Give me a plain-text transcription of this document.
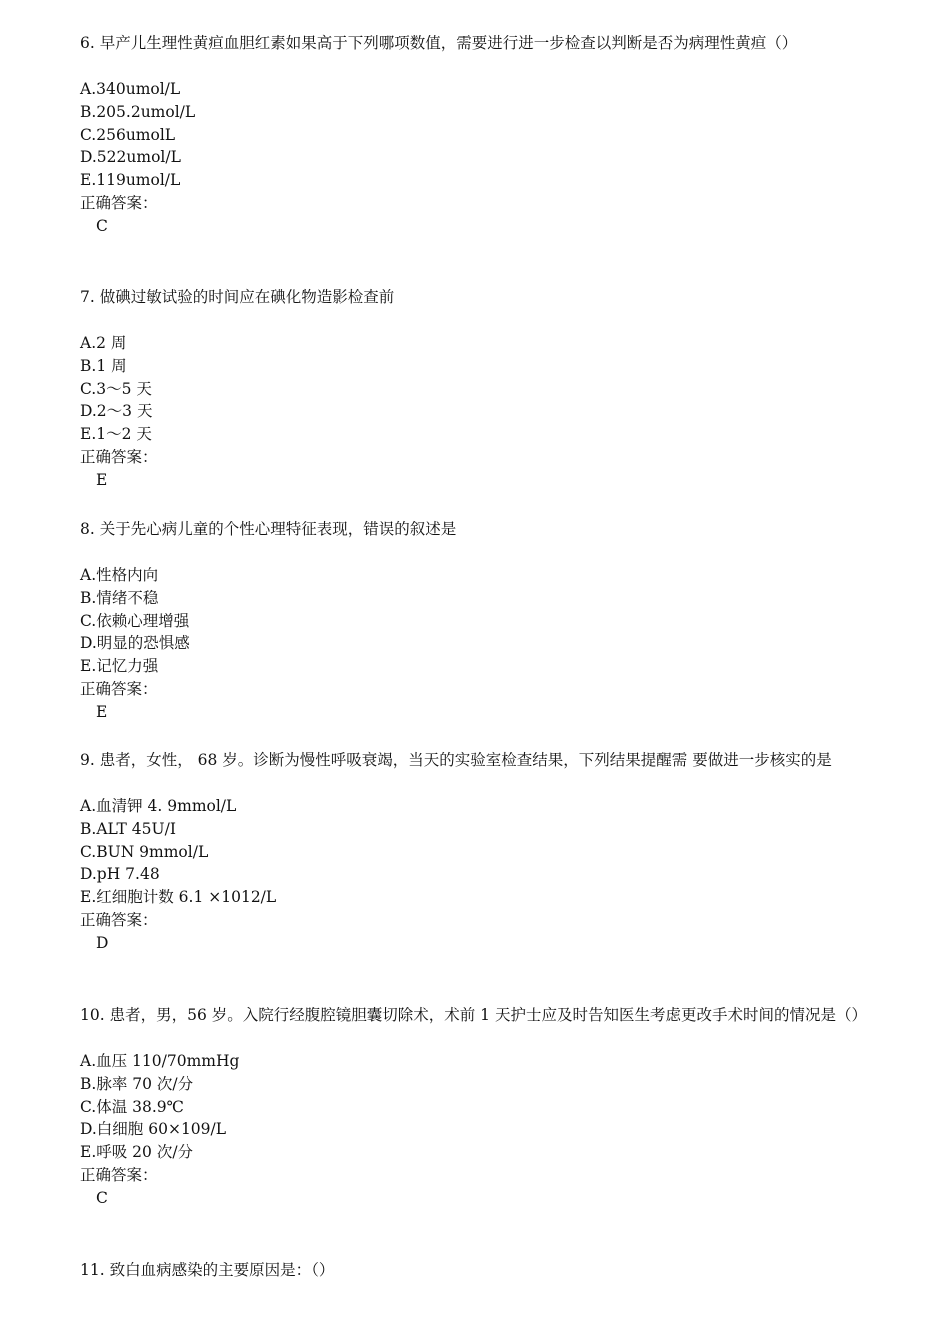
6. 早产儿生理性黄疸血胆红素如果高于下列哪项数值，需要进行进一步检查以判断是否为病理性黄疸（）

A.340umol/L
B.205.2umol/L
C.256umolL
D.522umol/L
E.119umol/L

正确答案：

C

7. 做碘过敏试验的时间应在碘化物造影检查前

A.2 周
B.1 周
C.3～5 天
D.2～3 天
E.1～2 天

正确答案：

E

8. 关于先心病儿童的个性心理特征表现，错误的叙述是

A.性格内向
B.情绪不稳
C.依赖心理增强
D.明显的恐惧感
E.记忆力强

正确答案：

E

9. 患者，女性， 68 岁。诊断为慢性呼吸衰竭，当天的实验室检查结果，下列结果提醒需 要做进一步核实的是

A.血清钾 4. 9mmol/L
B.ALT 45U/I
C.BUN 9mmol/L
D.pH 7.48
E.红细胞计数 6.1 ×1012/L

正确答案：

D

10. 患者，男，56 岁。入院行经腹腔镜胆囊切除术，术前 1 天护士应及时告知医生考虑更改手术时间的情况是（）

A.血压 110/70mmHg
B.脉率 70 次/分
C.体温 38.9℃
D.白细胞 60×109/L
E.呼吸 20 次/分

正确答案：

C

11. 致白血病感染的主要原因是：（）
